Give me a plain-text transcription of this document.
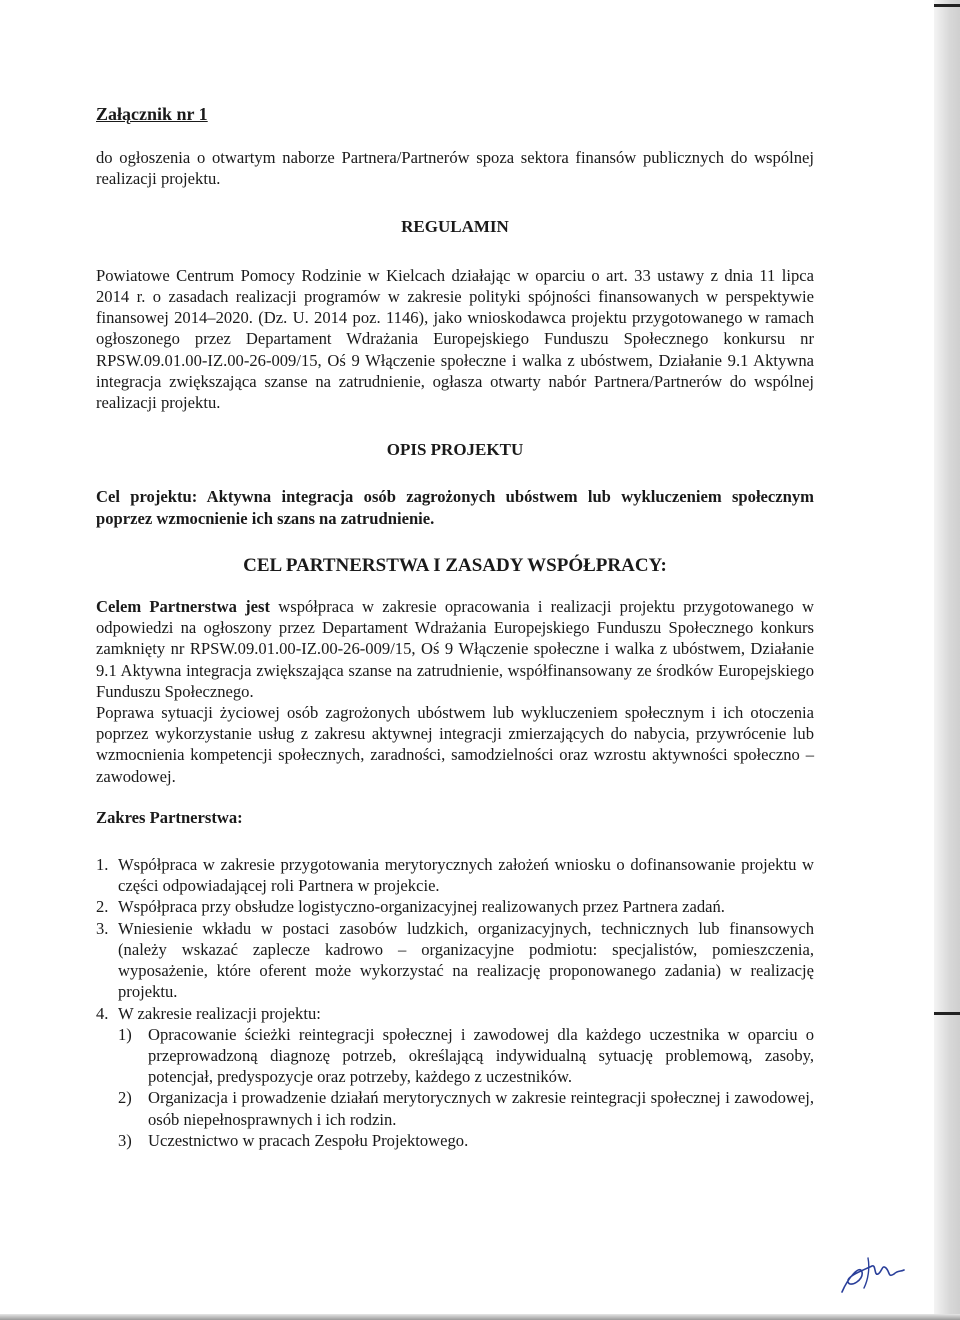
Załącznik nr 1

do ogłoszenia o otwartym naborze Partnera/Partnerów spoza sektora finansów publicznych do wspólnej realizacji projektu.

REGULAMIN

Powiatowe Centrum Pomocy Rodzinie w Kielcach działając w oparciu o art. 33 ustawy z dnia 11 lipca 2014 r. o zasadach realizacji programów w zakresie polityki spójności finansowanych w perspektywie finansowej 2014–2020. (Dz. U. 2014 poz. 1146), jako wnioskodawca projektu przygotowanego w ramach ogłoszonego przez Departament Wdrażania Europejskiego Funduszu Społecznego konkursu nr RPSW.09.01.00-IZ.00-26-009/15, Oś 9 Włączenie społeczne i walka z ubóstwem, Działanie 9.1 Aktywna integracja zwiększająca szanse na zatrudnienie, ogłasza otwarty nabór Partnera/Partnerów do wspólnej realizacji projektu.

OPIS PROJEKTU

Cel projektu: Aktywna integracja osób zagrożonych ubóstwem lub wykluczeniem społecznym poprzez wzmocnienie ich szans na zatrudnienie.

CEL PARTNERSTWA I ZASADY WSPÓŁPRACY:

Celem Partnerstwa jest współpraca w zakresie opracowania i realizacji projektu przygotowanego w odpowiedzi na ogłoszony przez Departament Wdrażania Europejskiego Funduszu Społecznego konkurs zamknięty nr RPSW.09.01.00-IZ.00-26-009/15, Oś 9 Włączenie społeczne i walka z ubóstwem, Działanie 9.1 Aktywna integracja zwiększająca szanse na zatrudnienie, współfinansowany ze środków Europejskiego Funduszu Społecznego.

Poprawa sytuacji życiowej osób zagrożonych ubóstwem lub wykluczeniem społecznym i ich otoczenia poprzez wykorzystanie usług z zakresu aktywnej integracji zmierzających do nabycia, przywrócenie lub wzmocnienia kompetencji społecznych, zaradności, samodzielności oraz wzrostu aktywności społeczno – zawodowej.

Zakres Partnerstwa:

1. Współpraca w zakresie przygotowania merytorycznych założeń wniosku o dofinansowanie projektu w części odpowiadającej roli Partnera w projekcie.
2. Współpraca przy obsłudze logistyczno-organizacyjnej realizowanych przez Partnera zadań.
3. Wniesienie wkładu w postaci zasobów ludzkich, organizacyjnych, technicznych lub finansowych (należy wskazać zaplecze kadrowo – organizacyjne podmiotu: specjalistów, pomieszczenia, wyposażenie, które oferent może wykorzystać na realizację proponowanego zadania) w realizację projektu.
4. W zakresie realizacji projektu:
1) Opracowanie ścieżki reintegracji społecznej i zawodowej dla każdego uczestnika w oparciu o przeprowadzoną diagnozę potrzeb, określającą indywidualną sytuację problemową, zasoby, potencjał, predyspozycje oraz potrzeby, każdego z uczestników.
2) Organizacja i prowadzenie działań merytorycznych w zakresie reintegracji społecznej i zawodowej, osób niepełnosprawnych i ich rodzin.
3) Uczestnictwo w pracach Zespołu Projektowego.
